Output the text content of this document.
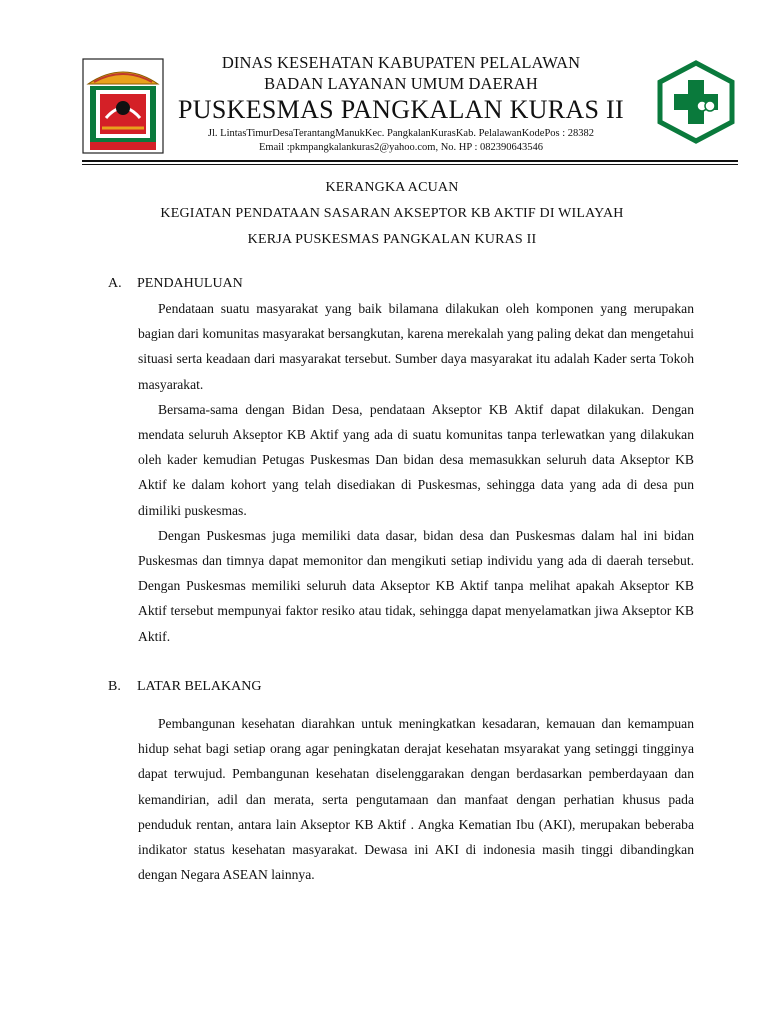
DINAS KESEHATAN KABUPATEN PELALAWAN
BADAN LAYANAN UMUM DAERAH
PUSKESMAS PANGKALAN KURAS II
Jl. LintasTimurDesaTerantangManukKec. PangkalanKurasKab. PelalawanKodePos : 28382
Email :pkmpangkalankuras2@yahoo.com, No. HP : 082390643546
KERANGKA ACUAN
KEGIATAN PENDATAAN SASARAN AKSEPTOR KB AKTIF DI WILAYAH
KERJA PUSKESMAS PANGKALAN KURAS II
A. PENDAHULUAN

Pendataan suatu masyarakat yang baik bilamana dilakukan oleh komponen yang merupakan bagian dari komunitas masyarakat bersangkutan, karena merekalah yang paling dekat dan mengetahui situasi serta keadaan dari masyarakat tersebut. Sumber daya masyarakat itu adalah Kader serta Tokoh masyarakat.

Bersama-sama dengan Bidan Desa, pendataan Akseptor KB Aktif dapat dilakukan. Dengan mendata seluruh Akseptor KB Aktif yang ada di suatu komunitas tanpa terlewatkan yang dilakukan oleh kader kemudian Petugas Puskesmas Dan bidan desa memasukkan seluruh data Akseptor KB Aktif ke dalam kohort yang telah disediakan di Puskesmas, sehingga data yang ada di desa pun dimiliki puskesmas.

Dengan Puskesmas juga memiliki data dasar, bidan desa dan Puskesmas dalam hal ini bidan Puskesmas dan timnya dapat memonitor dan mengikuti setiap individu yang ada di daerah tersebut. Dengan Puskesmas memiliki seluruh data Akseptor KB Aktif tanpa melihat apakah Akseptor KB Aktif tersebut mempunyai faktor resiko atau tidak, sehingga dapat menyelamatkan jiwa Akseptor KB Aktif.

B. LATAR BELAKANG

Pembangunan kesehatan diarahkan untuk meningkatkan kesadaran, kemauan dan kemampuan hidup sehat bagi setiap orang agar peningkatan derajat kesehatan msyarakat yang setinggi tingginya dapat terwujud. Pembangunan kesehatan diselenggarakan dengan berdasarkan pemberdayaan dan kemandirian, adil dan merata, serta pengutamaan dan manfaat dengan perhatian khusus pada penduduk rentan, antara lain Akseptor KB Aktif . Angka Kematian Ibu (AKI), merupakan beberaba indikator status kesehatan masyarakat. Dewasa ini AKI di indonesia masih tinggi dibandingkan dengan Negara ASEAN lainnya.
